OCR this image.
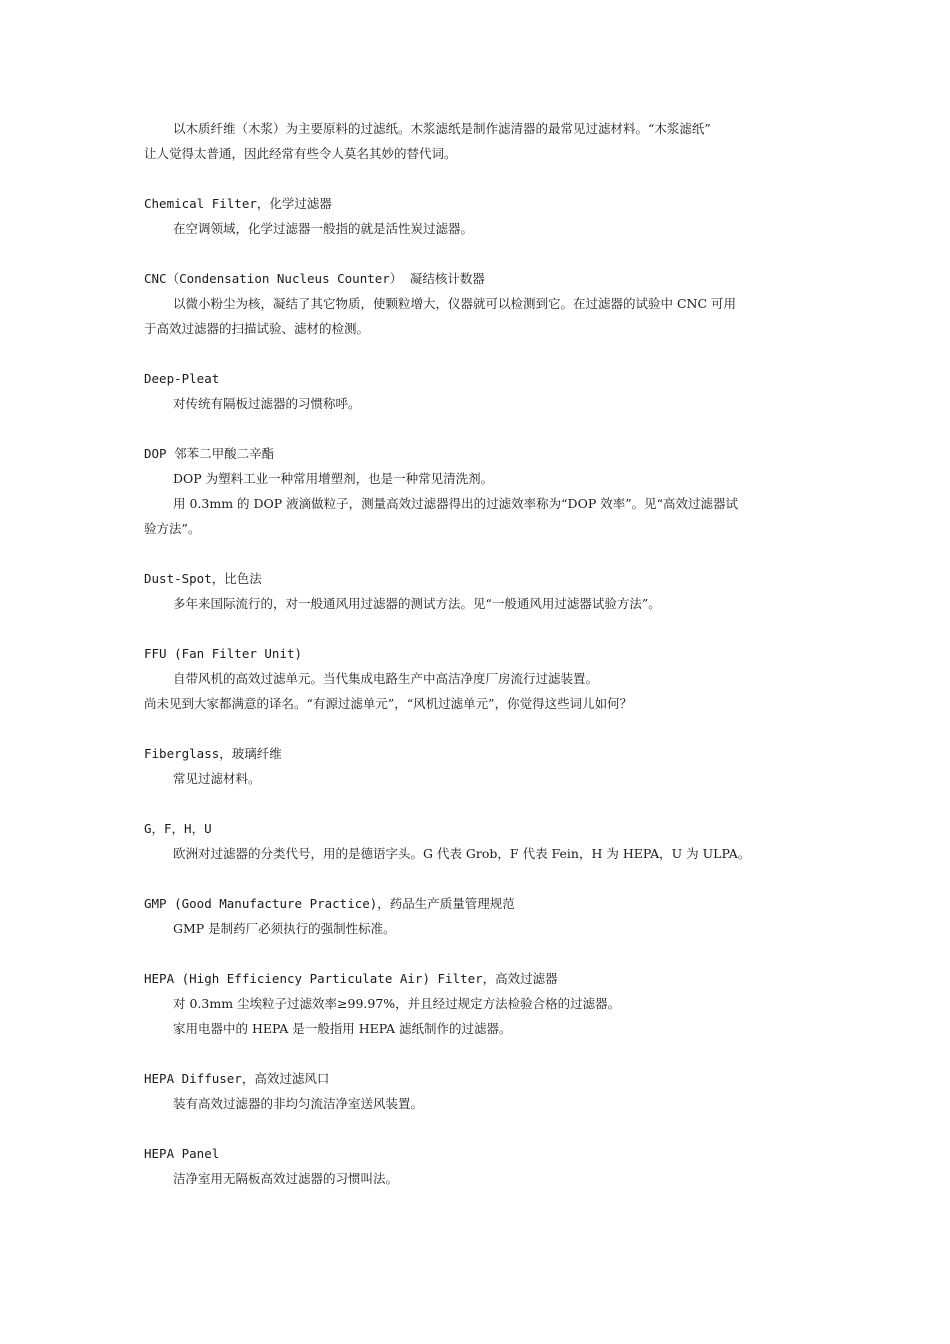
以木质纤维（木浆）为主要原料的过滤纸。木浆滤纸是制作滤清器的最常见过滤材料。“木浆滤纸”
让人觉得太普通，因此经常有些令人莫名其妙的替代词。
Chemical Filter，化学过滤器
在空调领域，化学过滤器一般指的就是活性炭过滤器。
CNC（Condensation Nucleus Counter） 凝结核计数器
以微小粉尘为核，凝结了其它物质，使颗粒增大，仪器就可以检测到它。在过滤器的试验中 CNC 可用
于高效过滤器的扫描试验、滤材的检测。
Deep-Pleat
对传统有隔板过滤器的习惯称呼。
DOP 邻苯二甲酸二辛酯
DOP 为塑料工业一种常用增塑剂，也是一种常见清洗剂。
用 0.3mm 的 DOP 液滴做粒子，测量高效过滤器得出的过滤效率称为“DOP 效率”。见“高效过滤器试
验方法”。
Dust-Spot，比色法
多年来国际流行的，对一般通风用过滤器的测试方法。见“一般通风用过滤器试验方法”。
FFU (Fan Filter Unit)
自带风机的高效过滤单元。当代集成电路生产中高洁净度厂房流行过滤装置。
尚未见到大家都满意的译名。“有源过滤单元”，“风机过滤单元”，你觉得这些词儿如何？
Fiberglass，玻璃纤维
常见过滤材料。
G，F，H，U
欧洲对过滤器的分类代号，用的是德语字头。G 代表 Grob，F 代表 Fein，H 为 HEPA，U 为 ULPA。
GMP (Good Manufacture Practice)，药品生产质量管理规范
GMP 是制药厂必须执行的强制性标准。
HEPA (High Efficiency Particulate Air) Filter，高效过滤器
对 0.3mm 尘埃粒子过滤效率≥99.97%，并且经过规定方法检验合格的过滤器。
家用电器中的 HEPA 是一般指用 HEPA 滤纸制作的过滤器。
HEPA Diffuser，高效过滤风口
装有高效过滤器的非均匀流洁净室送风装置。
HEPA Panel
洁净室用无隔板高效过滤器的习惯叫法。
